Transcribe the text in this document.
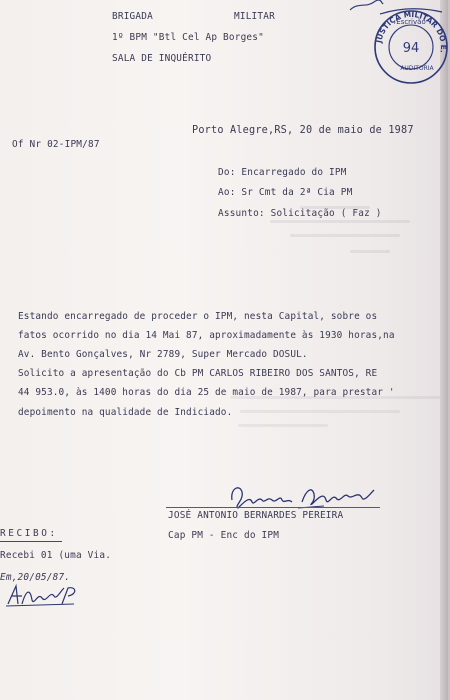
BRIGADA	MILITAR
1º BPM "Btl Cel Ap Borges"
SALA DE INQUÉRITO
JUSTIÇA MILITAR DO E.
Escrivão
AUDITORIA
94
Porto Alegre,RS, 20 de maio de 1987
Of Nr 02-IPM/87
Do: Encarregado do IPM
Ao: Sr Cmt da 2ª Cia PM
Assunto: Solicitação ( Faz )
Estando encarregado de proceder o IPM, nesta Capital, sobre os
fatos ocorrido no dia 14 Mai 87, aproximadamente às 1930 horas,na
Av. Bento Gonçalves, Nr 2789, Super Mercado DOSUL.
Solicito a apresentação do Cb PM CARLOS RIBEIRO DOS SANTOS, RE
44 953.0, às 1400 horas do dia 25 de maio de 1987, para prestar '
depoimento na qualidade de Indiciado.
JOSÉ ANTONIO BERNARDES PEREIRA
Cap PM - Enc do IPM
RECIBO:
Recebi 01 (uma Via.
Em,20/05/87.
